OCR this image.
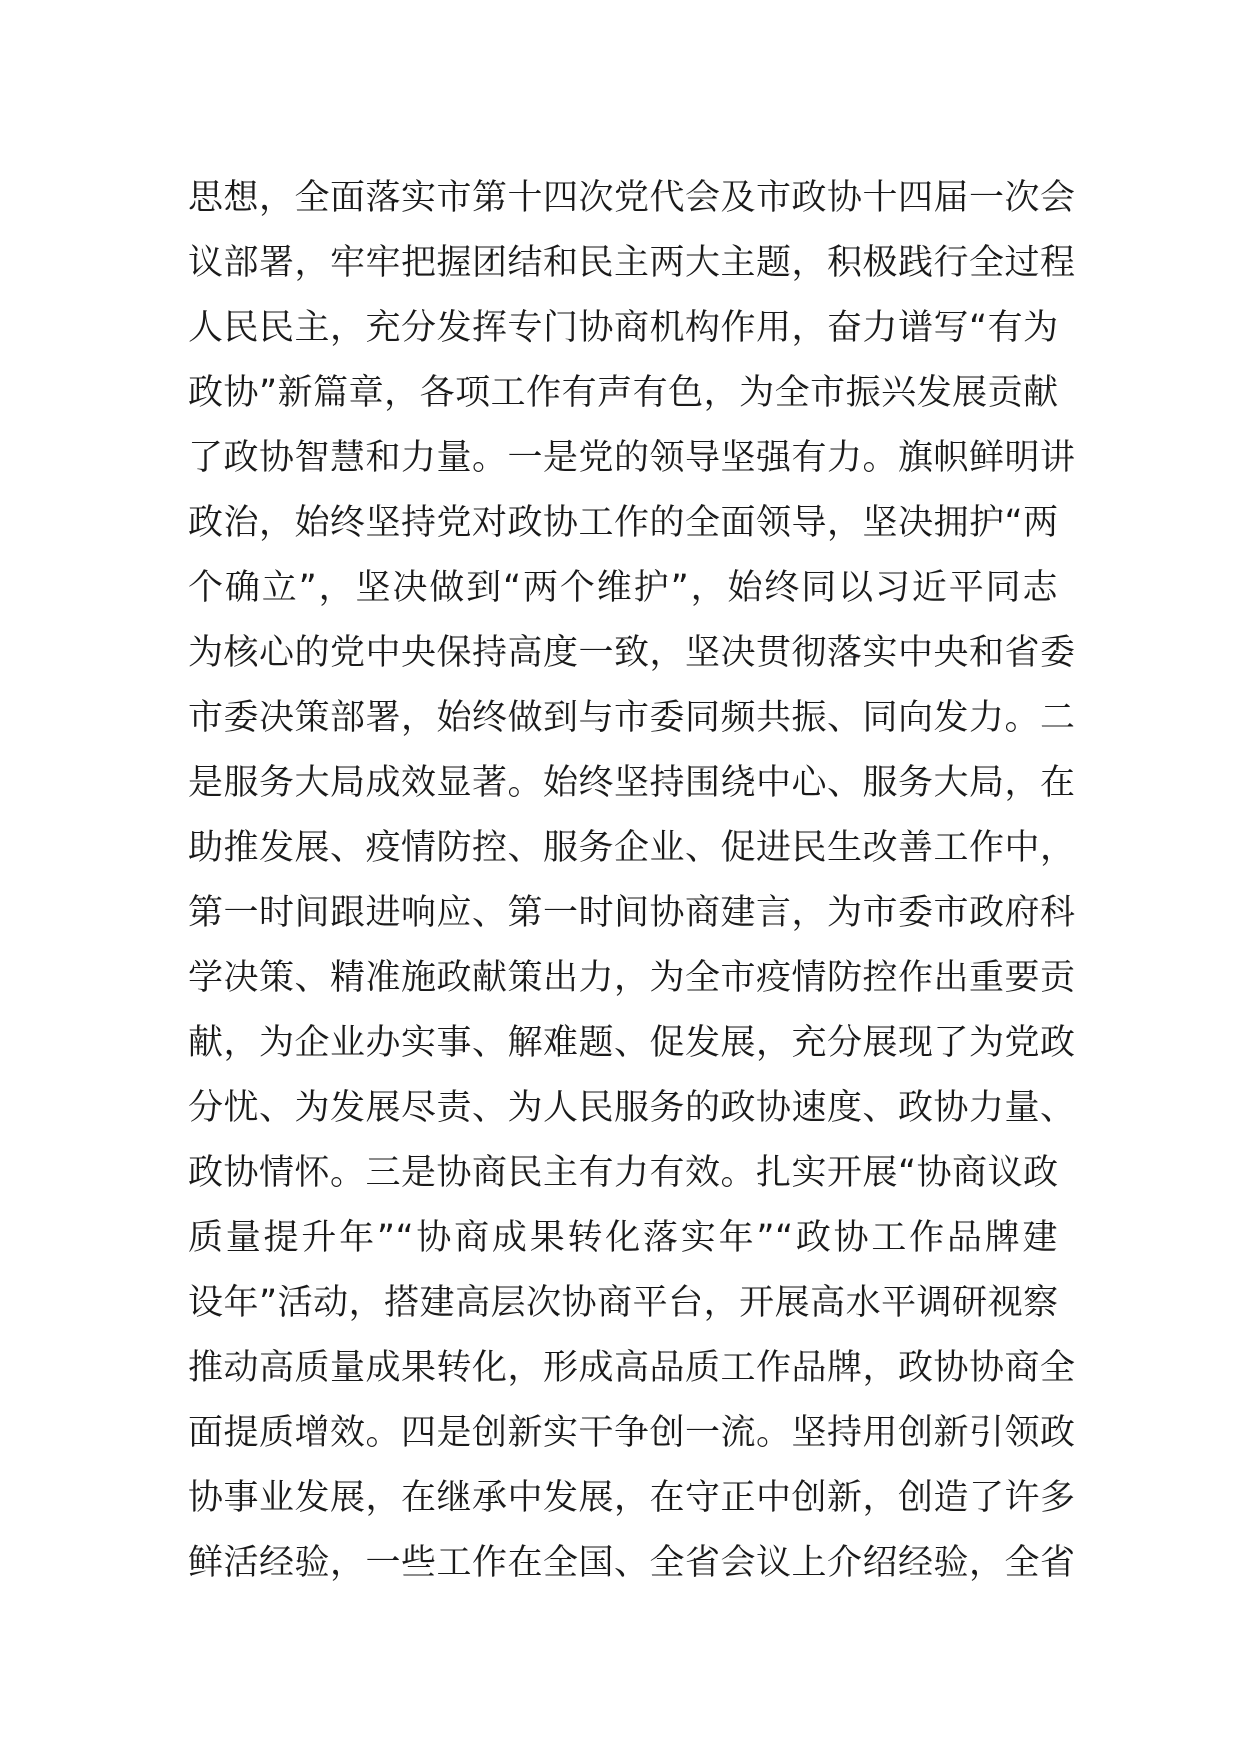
思想，全面落实市第十四次党代会及市政协十四届一次会
议部署，牢牢把握团结和民主两大主题，积极践行全过程
人民民主，充分发挥专门协商机构作用，奋力谱写“有为
政协”新篇章，各项工作有声有色，为全市振兴发展贡献
了政协智慧和力量。一是党的领导坚强有力。旗帜鲜明讲
政治，始终坚持党对政协工作的全面领导，坚决拥护“两
个确立”，坚决做到“两个维护”，始终同以习近平同志
为核心的党中央保持高度一致，坚决贯彻落实中央和省委
市委决策部署，始终做到与市委同频共振、同向发力。二
是服务大局成效显著。始终坚持围绕中心、服务大局，在
助推发展、疫情防控、服务企业、促进民生改善工作中，
第一时间跟进响应、第一时间协商建言，为市委市政府科
学决策、精准施政献策出力，为全市疫情防控作出重要贡
献，为企业办实事、解难题、促发展，充分展现了为党政
分忧、为发展尽责、为人民服务的政协速度、政协力量、
政协情怀。三是协商民主有力有效。扎实开展“协商议政
质量提升年”“协商成果转化落实年”“政协工作品牌建
设年”活动，搭建高层次协商平台，开展高水平调研视察
推动高质量成果转化，形成高品质工作品牌，政协协商全
面提质增效。四是创新实干争创一流。坚持用创新引领政
协事业发展，在继承中发展，在守正中创新，创造了许多
鲜活经验，一些工作在全国、全省会议上介绍经验，全省
